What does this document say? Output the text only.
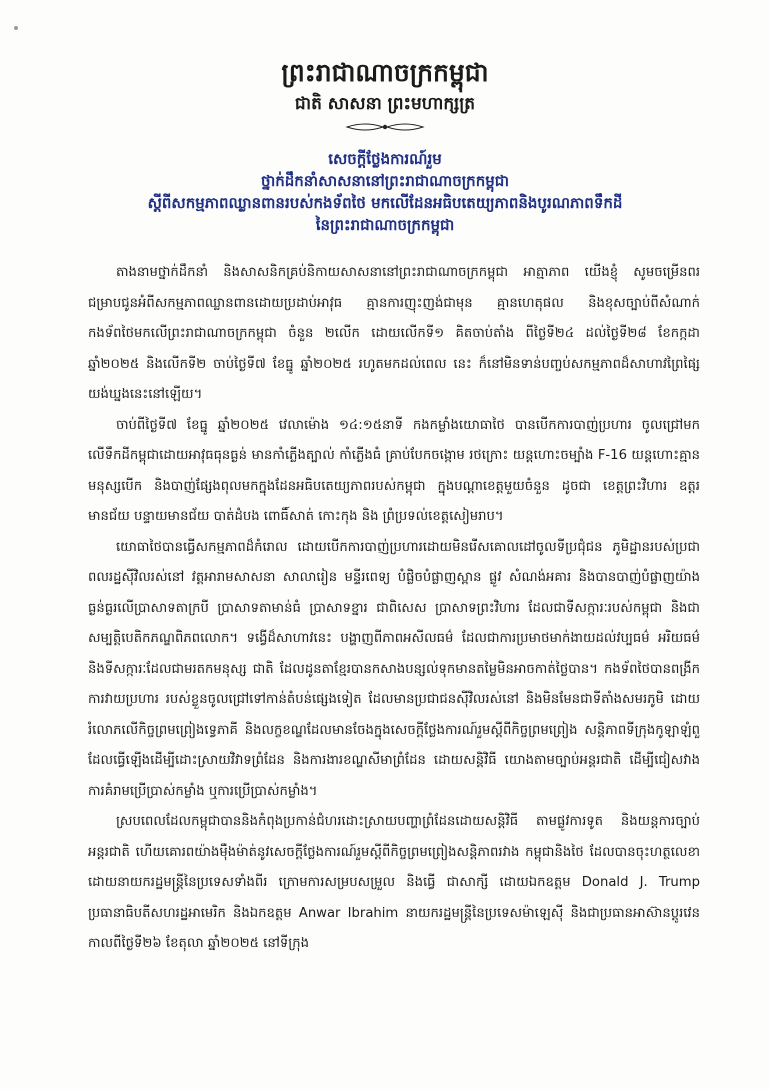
ព្រះរាជាណាចក្រកម្ពុជា
ជាតិ សាសនា ព្រះមហាក្សត្រ
សេចក្តីថ្លែងការណ៍រួម
ថ្នាក់ដឹកនាំសាសនានៅព្រះរាជាណាចក្រកម្ពុជា
ស្តីពីសកម្មភាពឈ្លានពានរបស់កងទ័ពថៃ មកលើដែនអធិបតេយ្យភាពនិងបូរណភាពទឹកដី
នៃព្រះរាជាណាចក្រកម្ពុជា

តាងនាមថ្នាក់ដឹកនាំ និងសាសនិកគ្រប់និកាយសាសនានៅព្រះរាជាណាចក្រកម្ពុជា អាត្មាភាព យើងខ្ញុំ សូមចម្រើនពរ ជម្រាបជូនអំពីសកម្មភាពឈ្លានពានដោយប្រដាប់អាវុធ គ្មានការញុះញង់ជាមុន គ្មានហេតុផល និងខុសច្បាប់ពីសំណាក់កងទ័ពថៃមកលើព្រះរាជាណាចក្រកម្ពុជា ចំនួន ២លើក ដោយលើកទី១ គិតចាប់តាំង ពីថ្ងៃទី២៤ ដល់ថ្ងៃទី២៨ ខែកក្កដា ឆ្នាំ២០២៥ និងលើកទី២ ចាប់ថ្ងៃទី៧ ខែធ្នូ ឆ្នាំ២០២៥ រហូតមកដល់ពេល នេះ ក៏នៅមិនទាន់បញ្ចប់សកម្មភាពដ៏សាហាវព្រៃផ្សៃយង់ឃ្នងនេះនៅឡើយ។

ចាប់ពីថ្ងៃទី៧ ខែធ្នូ ឆ្នាំ២០២៥ វេលាម៉ោង ១៤:១៥នាទី កងកម្លាំងយោធាថៃ បានបើកការបាញ់ប្រហារ ចូលជ្រៅមកលើទឹកដីកម្ពុជាដោយអាវុធធុនធ្ងន់ មានកាំភ្លើងត្បាល់ កាំភ្លើងធំ គ្រាប់បែកចង្កោម រថក្រោះ យន្តហោះចម្បាំង F-16 យន្តហោះគ្មានមនុស្សបើក និងបាញ់ផ្សែងពុលមកក្នុងដែនអធិបតេយ្យភាពរបស់កម្ពុជា ក្នុងបណ្តាខេត្តមួយចំនួន ដូចជា ខេត្តព្រះវិហារ ឧត្តរមានជ័យ បន្ទាយមានជ័យ បាត់ដំបង ពោធិ៍សាត់ កោះកុង និង ព្រំប្រទល់ខេត្តសៀមរាប។

យោធាថៃបានធ្វើសកម្មភាពដ៏កំរោល ដោយបើកការបាញ់ប្រហារដោយមិនរើសគោលដៅចូលទីប្រជុំជន ភូមិដ្ឋានរបស់ប្រជាពលរដ្ឋស៊ីវិលរស់នៅ វត្តអារាមសាសនា សាលារៀន មន្ទីរពេទ្យ បំផ្លិចបំផ្លាញស្ពាន ផ្លូវ សំណង់អគារ និងបានបាញ់បំផ្លាញយ៉ាងធ្ងន់ធ្ងរលើប្រាសាទតាក្របី ប្រាសាទតាមាន់ធំ ប្រាសាទខ្នារ ជាពិសេស ប្រាសាទព្រះវិហារ ដែលជាទីសក្ការៈរបស់កម្ពុជា និងជាសម្បត្តិបេតិកភណ្ឌពិភពលោក។ ទង្វើដ៏សាហាវនេះ បង្ហាញពីភាពអសីលធម៌ ដែលជាការប្រមាថមាក់ងាយដល់វប្បធម៌ អរិយធម៌ និងទីសក្ការៈដែលជាមរតកមនុស្ស ជាតិ ដែលដូនតាខ្មែរបានកសាងបន្សល់ទុកមានតម្លៃមិនអាចកាត់ថ្លៃបាន។ កងទ័ពថៃបានពង្រីកការវាយប្រហារ របស់ខ្លួនចូលជ្រៅទៅកាន់តំបន់ផ្សេងទៀត ដែលមានប្រជាជនស៊ីវិលរស់នៅ និងមិនមែនជាទីតាំងសមរភូមិ ដោយរំលោភលើកិច្ចព្រមព្រៀងទ្វេភាគី និងលក្ខខណ្ឌដែលមានចែងក្នុងសេចក្តីថ្លែងការណ៍រួមស្តីពីកិច្ចព្រមព្រៀង សន្តិភាពទីក្រុងកូឡាឡំពួ ដែលធ្វើឡើងដើម្បីដោះស្រាយវិវាទព្រំដែន និងការងារខណ្ឌសីមាព្រំដែន ដោយសន្តិវិធី យោងតាមច្បាប់អន្តរជាតិ ដើម្បីជៀសវាងការគំរាមប្រើប្រាស់កម្លាំង ឬការប្រើប្រាស់កម្លាំង។

ស្របពេលដែលកម្ពុជាបាននិងកំពុងប្រកាន់ជំហរដោះស្រាយបញ្ហាព្រំដែនដោយសន្តិវិធី តាមផ្លូវការទូត និងយន្តការច្បាប់អន្តរជាតិ ហើយគោរពយ៉ាងម៉ឺងម៉ាត់នូវសេចក្តីថ្លែងការណ៍រួមស្តីពីកិច្ចព្រមព្រៀងសន្តិភាពរវាង កម្ពុជានិងថៃ ដែលបានចុះហត្ថលេខាដោយនាយករដ្ឋមន្ត្រីនៃប្រទេសទាំងពីរ ក្រោមការសម្របសម្រួល និងធ្វើ ជាសាក្សី ដោយឯកឧត្តម Donald J. Trump ប្រធានាធិបតីសហរដ្ឋអាមេរិក និងឯកឧត្តម Anwar Ibrahim នាយករដ្ឋមន្ត្រីនៃប្រទេសម៉ាឡេស៊ី និងជាប្រធានអាស៊ានប្តូរវេន កាលពីថ្ងៃទី២៦ ខែតុលា ឆ្នាំ២០២៥ នៅទីក្រុង
